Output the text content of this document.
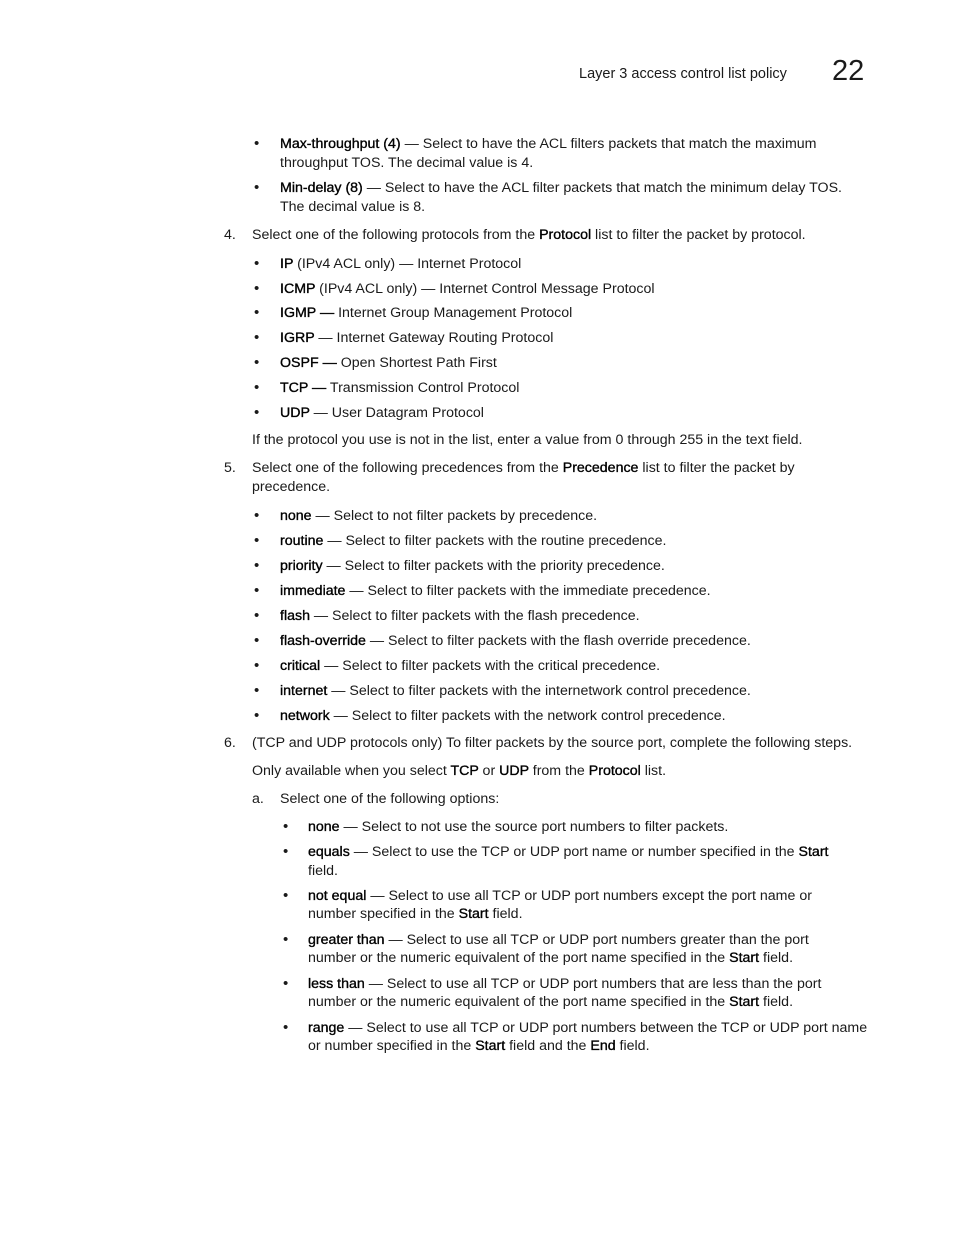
Layer 3 access control list policy 22
• Max-throughput (4) — Select to have the ACL filters packets that match the maximum
throughput TOS. The decimal value is 4.
• Min-delay (8) — Select to have the ACL filter packets that match the minimum delay TOS.
The decimal value is 8.
4. Select one of the following protocols from the Protocol list to filter the packet by protocol.
• IP (IPv4 ACL only) — Internet Protocol
• ICMP (IPv4 ACL only) — Internet Control Message Protocol
• IGMP — Internet Group Management Protocol
• IGRP — Internet Gateway Routing Protocol
• OSPF — Open Shortest Path First
• TCP — Transmission Control Protocol
• UDP — User Datagram Protocol
If the protocol you use is not in the list, enter a value from 0 through 255 in the text field.
5. Select one of the following precedences from the Precedence list to filter the packet by
precedence.
• none — Select to not filter packets by precedence.
• routine — Select to filter packets with the routine precedence.
• priority — Select to filter packets with the priority precedence.
• immediate — Select to filter packets with the immediate precedence.
• flash — Select to filter packets with the flash precedence.
• flash-override — Select to filter packets with the flash override precedence.
• critical — Select to filter packets with the critical precedence.
• internet — Select to filter packets with the internetwork control precedence.
• network — Select to filter packets with the network control precedence.
6. (TCP and UDP protocols only) To filter packets by the source port, complete the following steps.
Only available when you select TCP or UDP from the Protocol list.
a. Select one of the following options:
• none — Select to not use the source port numbers to filter packets.
• equals — Select to use the TCP or UDP port name or number specified in the Start
field.
• not equal — Select to use all TCP or UDP port numbers except the port name or
number specified in the Start field.
• greater than — Select to use all TCP or UDP port numbers greater than the port
number or the numeric equivalent of the port name specified in the Start field.
• less than — Select to use all TCP or UDP port numbers that are less than the port
number or the numeric equivalent of the port name specified in the Start field.
• range — Select to use all TCP or UDP port numbers between the TCP or UDP port name
or number specified in the Start field and the End field.
